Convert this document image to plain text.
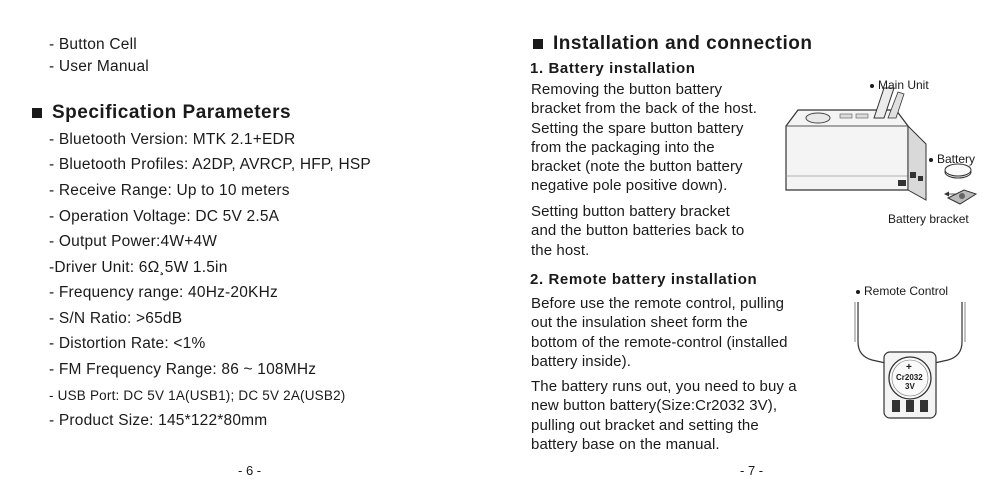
- Button Cell
- User Manual
Specification Parameters
- Bluetooth Version: MTK 2.1+EDR
- Bluetooth Profiles: A2DP, AVRCP, HFP, HSP
- Receive Range: Up to 10 meters
- Operation Voltage: DC 5V 2.5A
- Output Power:4W+4W
-Driver Unit: 6Ω¸5W 1.5in
- Frequency range: 40Hz-20KHz
- S/N Ratio: >65dB
- Distortion Rate: <1%
- FM Frequency Range: 86 ~ 108MHz
- USB Port: DC 5V 1A(USB1); DC 5V 2A(USB2)
- Product Size: 145*122*80mm
- 6 -
Installation and connection
1. Battery installation
Removing the button battery
bracket from the back of the host.
Setting the spare button battery
from the packaging into the
bracket (note the button battery
negative pole positive down).
Setting button battery bracket
and the button batteries back to
the host.
Main Unit
Battery
Battery bracket
2. Remote battery installation
Before use the remote control, pulling
out the insulation sheet form the
bottom of the remote-control (installed
battery inside).
The battery runs out, you need to buy a
new button battery(Size:Cr2032 3V),
pulling out bracket and setting the
battery base on the manual.
Remote Control
+
Cr2032
3V
- 7 -
